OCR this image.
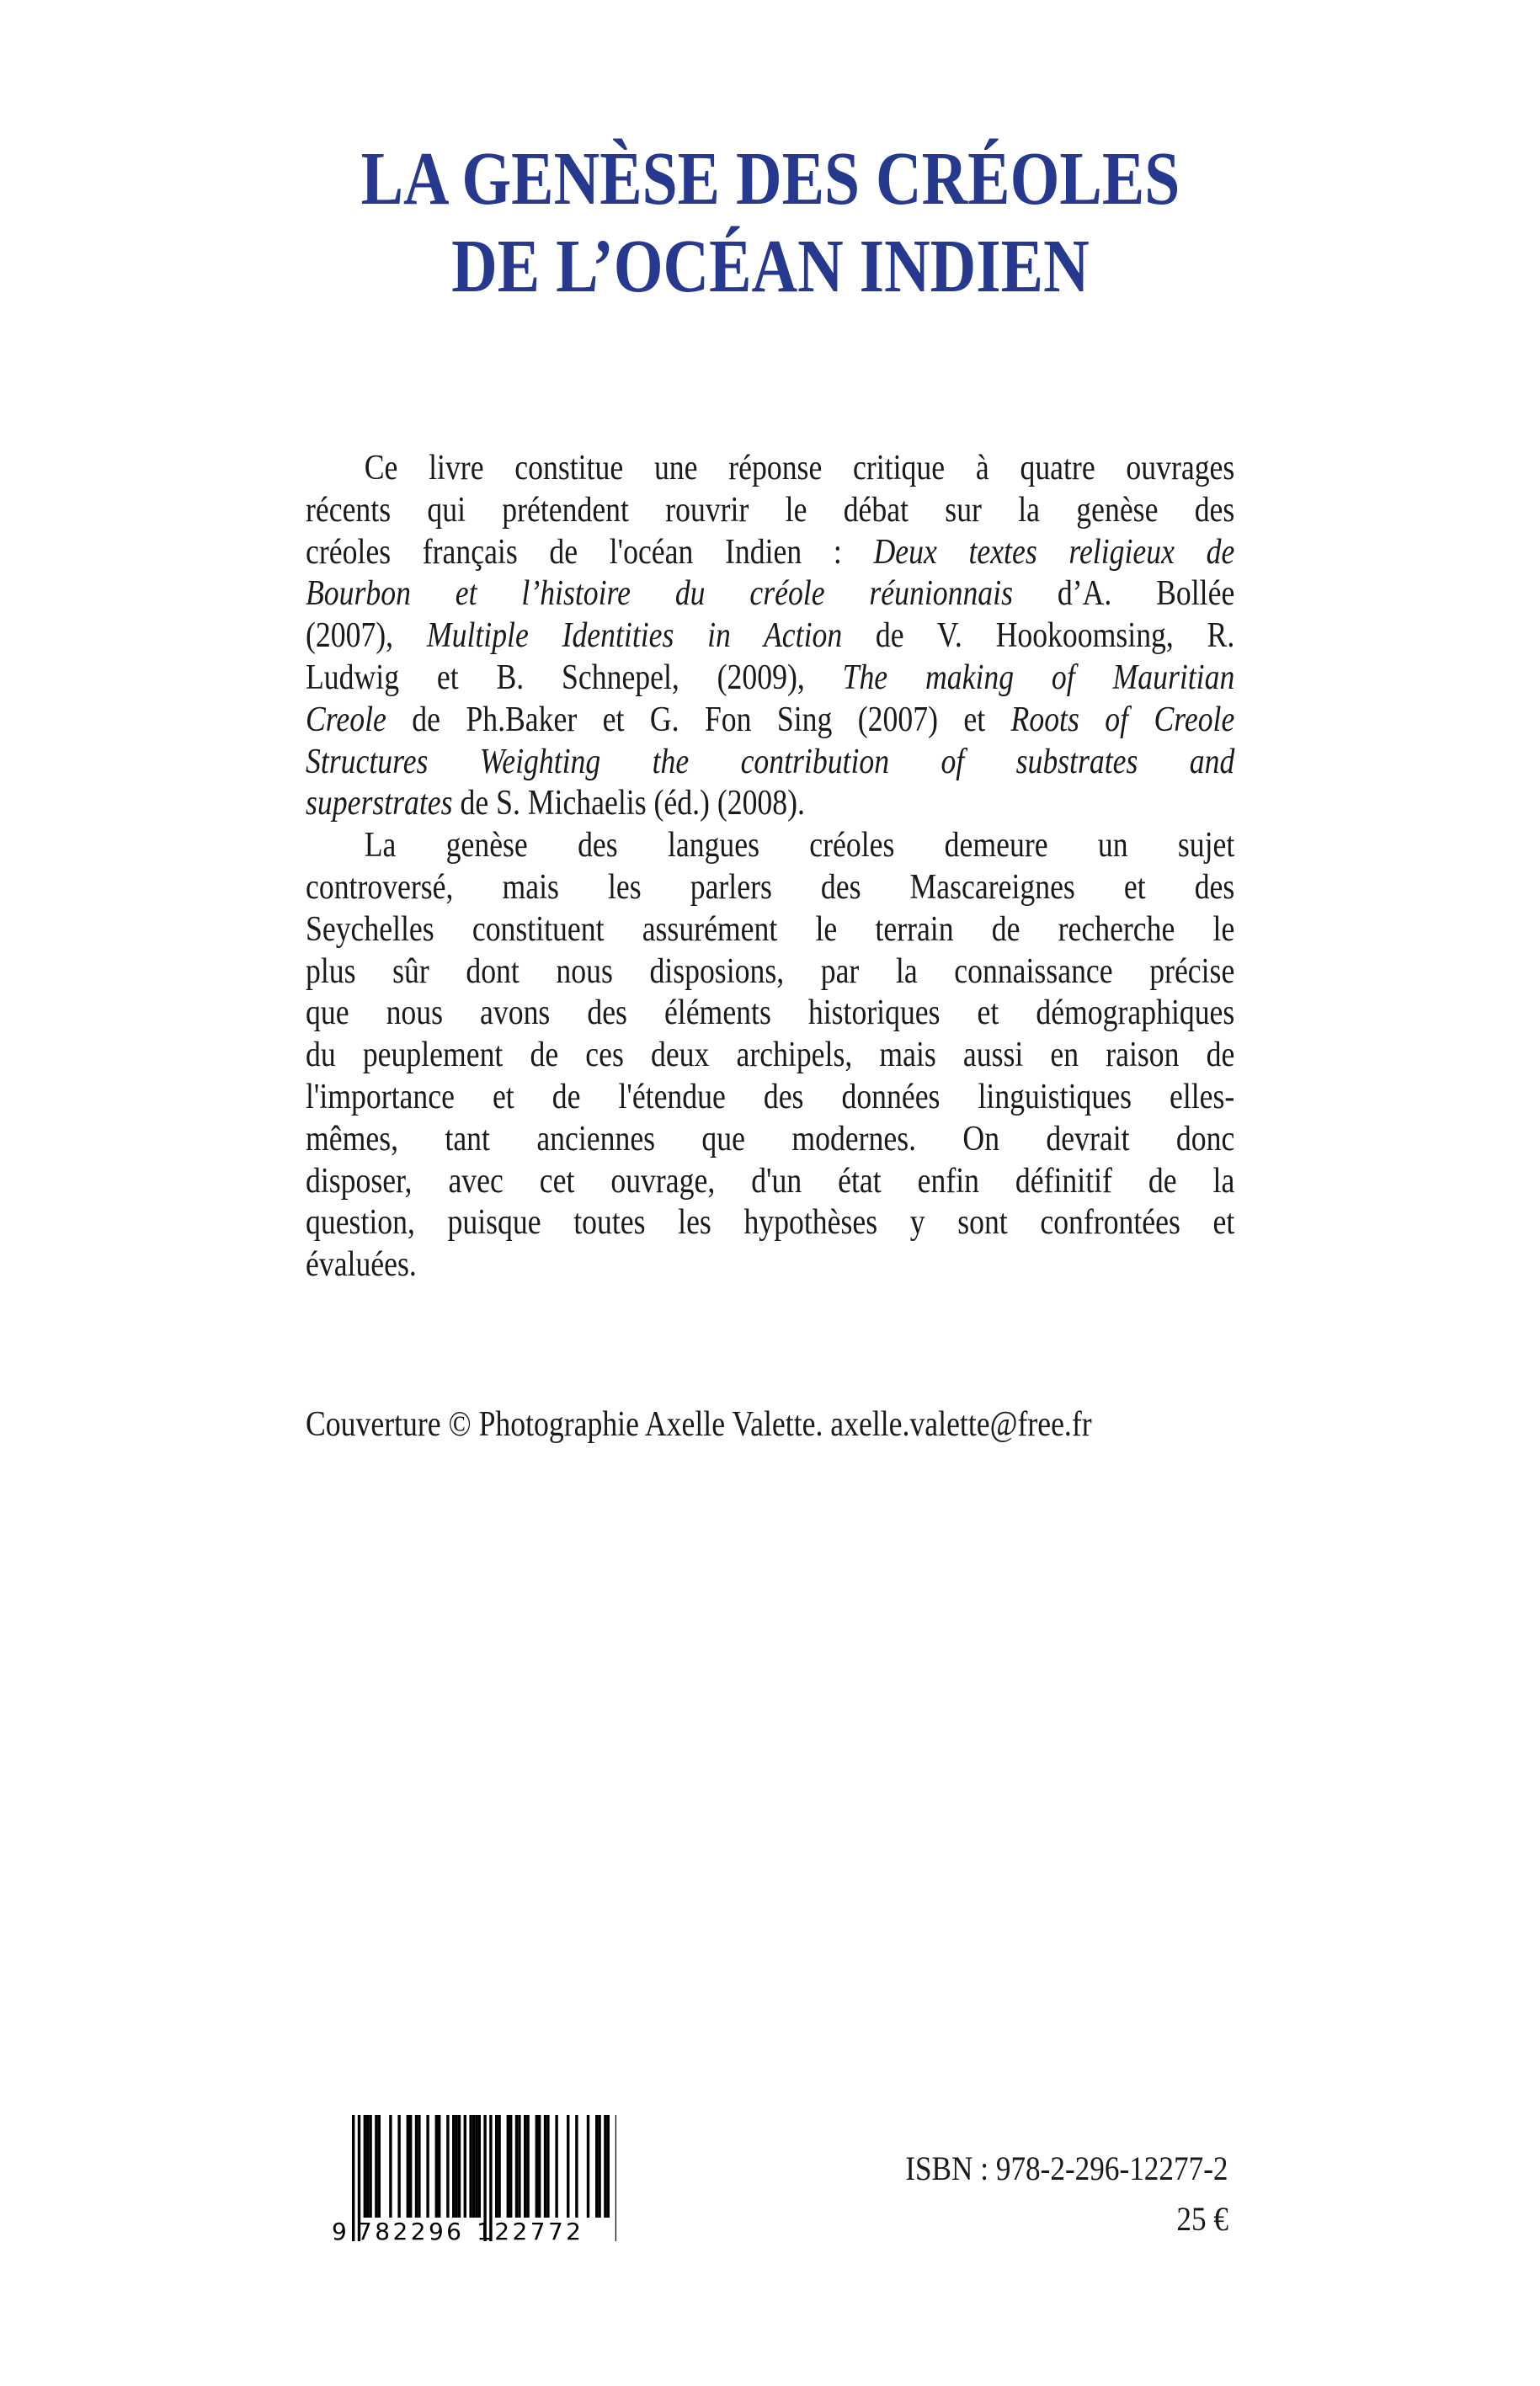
LA GENÈSE DES CRÉOLES
DE L’OCÉAN INDIEN
Ce livre constitue une réponse critique à quatre ouvrages
récents qui prétendent rouvrir le débat sur la genèse des
créoles français de l'océan Indien : Deux textes religieux de
Bourbon et l’histoire du créole réunionnais d’A. Bollée
(2007), Multiple Identities in Action de V. Hookoomsing, R.
Ludwig et B. Schnepel, (2009), The making of Mauritian
Creole de Ph.Baker et G. Fon Sing (2007) et Roots of Creole
Structures Weighting the contribution of substrates and
superstrates de S. Michaelis (éd.) (2008).
La genèse des langues créoles demeure un sujet
controversé, mais les parlers des Mascareignes et des
Seychelles constituent assurément le terrain de recherche le
plus sûr dont nous disposions, par la connaissance précise
que nous avons des éléments historiques et démographiques
du peuplement de ces deux archipels, mais aussi en raison de
l'importance et de l'étendue des données linguistiques elles-
mêmes, tant anciennes que modernes. On devrait donc
disposer, avec cet ouvrage, d'un état enfin définitif de la
question, puisque toutes les hypothèses y sont confrontées et
évaluées.
Couverture © Photographie Axelle Valette. axelle.valette@free.fr
9 782296 122772
ISBN : 978-2-296-12277-2
25 €
